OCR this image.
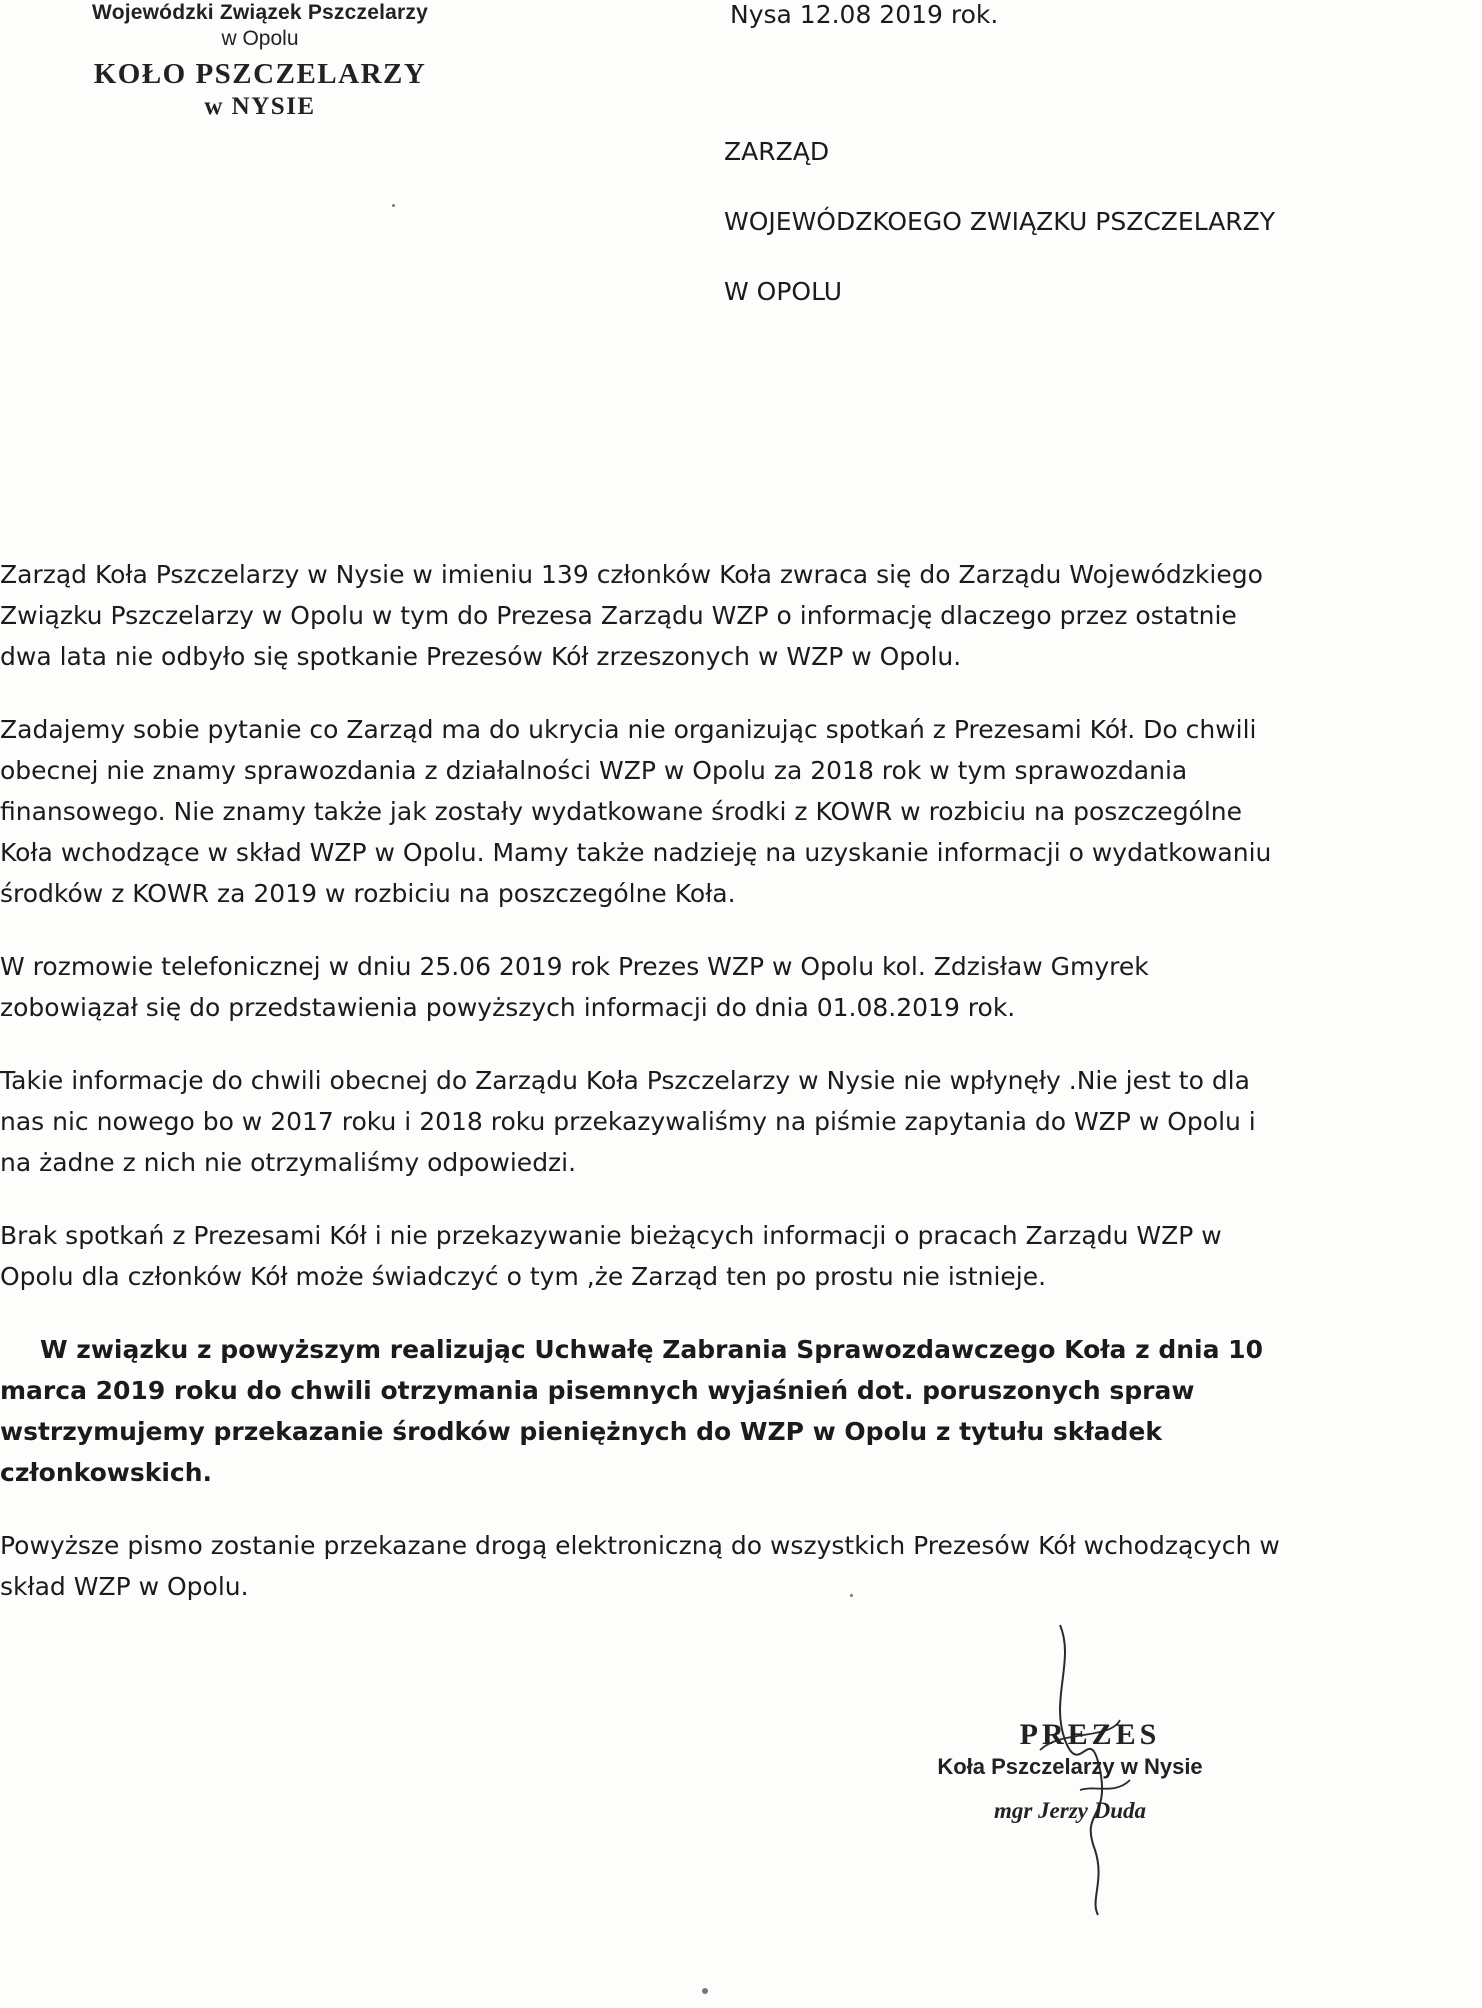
Wojewódzki Związek Pszczelarzy
w Opolu
KOŁO PSZCZELARZY
w NYSIE
Nysa 12.08 2019 rok.
ZARZĄD
WOJEWÓDZKOEGO ZWIĄZKU PSZCZELARZY
W OPOLU

Zarząd Koła Pszczelarzy w Nysie w imieniu 139 członków Koła zwraca się do Zarządu Wojewódzkiego Związku Pszczelarzy w Opolu w tym do Prezesa Zarządu WZP o informację dlaczego przez ostatnie dwa lata nie odbyło się spotkanie Prezesów Kół zrzeszonych w WZP w Opolu.

Zadajemy sobie pytanie co Zarząd ma do ukrycia nie organizując spotkań z Prezesami Kół. Do chwili obecnej nie znamy sprawozdania z działalności WZP w Opolu za 2018 rok w tym sprawozdania finansowego. Nie znamy także jak zostały wydatkowane środki z KOWR w rozbiciu na poszczególne Koła wchodzące w skład WZP w Opolu. Mamy także nadzieję na uzyskanie informacji o wydatkowaniu środków z KOWR za 2019 w rozbiciu na poszczególne Koła.

W rozmowie telefonicznej w dniu 25.06 2019 rok Prezes WZP w Opolu kol. Zdzisław Gmyrek zobowiązał się do przedstawienia powyższych informacji do dnia 01.08.2019 rok.

Takie informacje do chwili obecnej do Zarządu Koła Pszczelarzy w Nysie nie wpłynęły .Nie jest to dla nas nic nowego bo w 2017 roku i 2018 roku przekazywaliśmy na piśmie zapytania do WZP w Opolu i na żadne z nich nie otrzymaliśmy odpowiedzi.

Brak spotkań z Prezesami Kół i nie przekazywanie bieżących informacji o pracach Zarządu WZP w Opolu dla członków Kół może świadczyć o tym ,że Zarząd ten po prostu nie istnieje.

W związku z powyższym realizując Uchwałę Zabrania Sprawozdawczego Koła z dnia 10 marca 2019 roku do chwili otrzymania pisemnych wyjaśnień dot. poruszonych spraw wstrzymujemy przekazanie środków pieniężnych do WZP w Opolu z tytułu składek członkowskich.

Powyższe pismo zostanie przekazane drogą elektroniczną do wszystkich Prezesów Kół wchodzących w skład WZP w Opolu.

PREZES
Koła Pszczelarzy w Nysie
mgr Jerzy Duda
